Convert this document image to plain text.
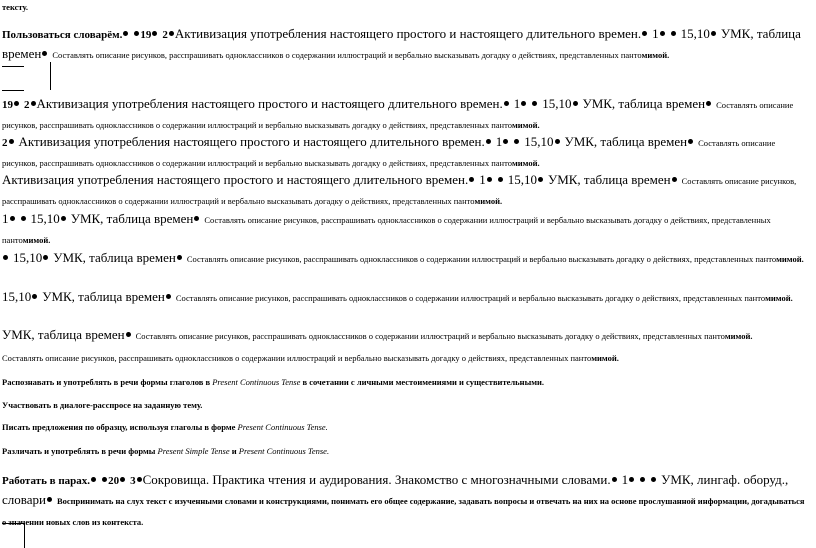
тексту.
Пользоваться словарём. 19 2 Активизация употребления настоящего простого и настоящего длительного времен. 1 15,10 УМК, таблица времен Составлять описание рисунков, расспрашивать одноклассников о содержании иллюстраций и вербально высказывать догадку о действиях, представленных пантомимой.
19 2 Активизация употребления настоящего простого и настоящего длительного времен. 1 15,10 УМК, таблица времен Составлять описание рисунков, расспрашивать одноклассников о содержании иллюстраций и вербально высказывать догадку о действиях, представленных пантомимой.
2 Активизация употребления настоящего простого и настоящего длительного времен. 1 15,10 УМК, таблица времен Составлять описание рисунков, расспрашивать одноклассников о содержании иллюстраций и вербально высказывать догадку о действиях, представленных пантомимой.
Активизация употребления настоящего простого и настоящего длительного времен. 1 15,10 УМК, таблица времен Составлять описание рисунков, расспрашивать одноклассников о содержании иллюстраций и вербально высказывать догадку о действиях, представленных пантомимой.
1 15,10 УМК, таблица времен Составлять описание рисунков, расспрашивать одноклассников о содержании иллюстраций и вербально высказывать догадку о действиях, представленных пантомимой.
15,10 УМК, таблица времен Составлять описание рисунков, расспрашивать одноклассников о содержании иллюстраций и вербально высказывать догадку о действиях, представленных пантомимой.
15,10 УМК, таблица времен Составлять описание рисунков, расспрашивать одноклассников о содержании иллюстраций и вербально высказывать догадку о действиях, представленных пантомимой.
УМК, таблица времен Составлять описание рисунков, расспрашивать одноклассников о содержании иллюстраций и вербально высказывать догадку о действиях, представленных пантомимой.
Составлять описание рисунков, расспрашивать одноклассников о содержании иллюстраций и вербально высказывать догадку о действиях, представленных пантомимой.
Распознавать и употреблять в речи формы глаголов в Present Continuous Tense в сочетании с личными местоимениями и существительными.
Участвовать в диалоге-расспросе на заданную тему.
Писать предложения по образцу, используя глаголы в форме Present Continuous Tense.
Различать и употреблять в речи формы Present Simple Tense и Present Continuous Tense.
Работать в парах. 20 3 Сокровища. Практика чтения и аудирования. Знакомство с многозначными словами. 1	УМК, лингаф. оборуд., словари Воспринимать на слух текст с изученными словами и конструкциями, понимать его общее содержание, задавать вопросы и отвечать на них на основе прослушанной информации, догадываться о значении новых слов из контекста.
